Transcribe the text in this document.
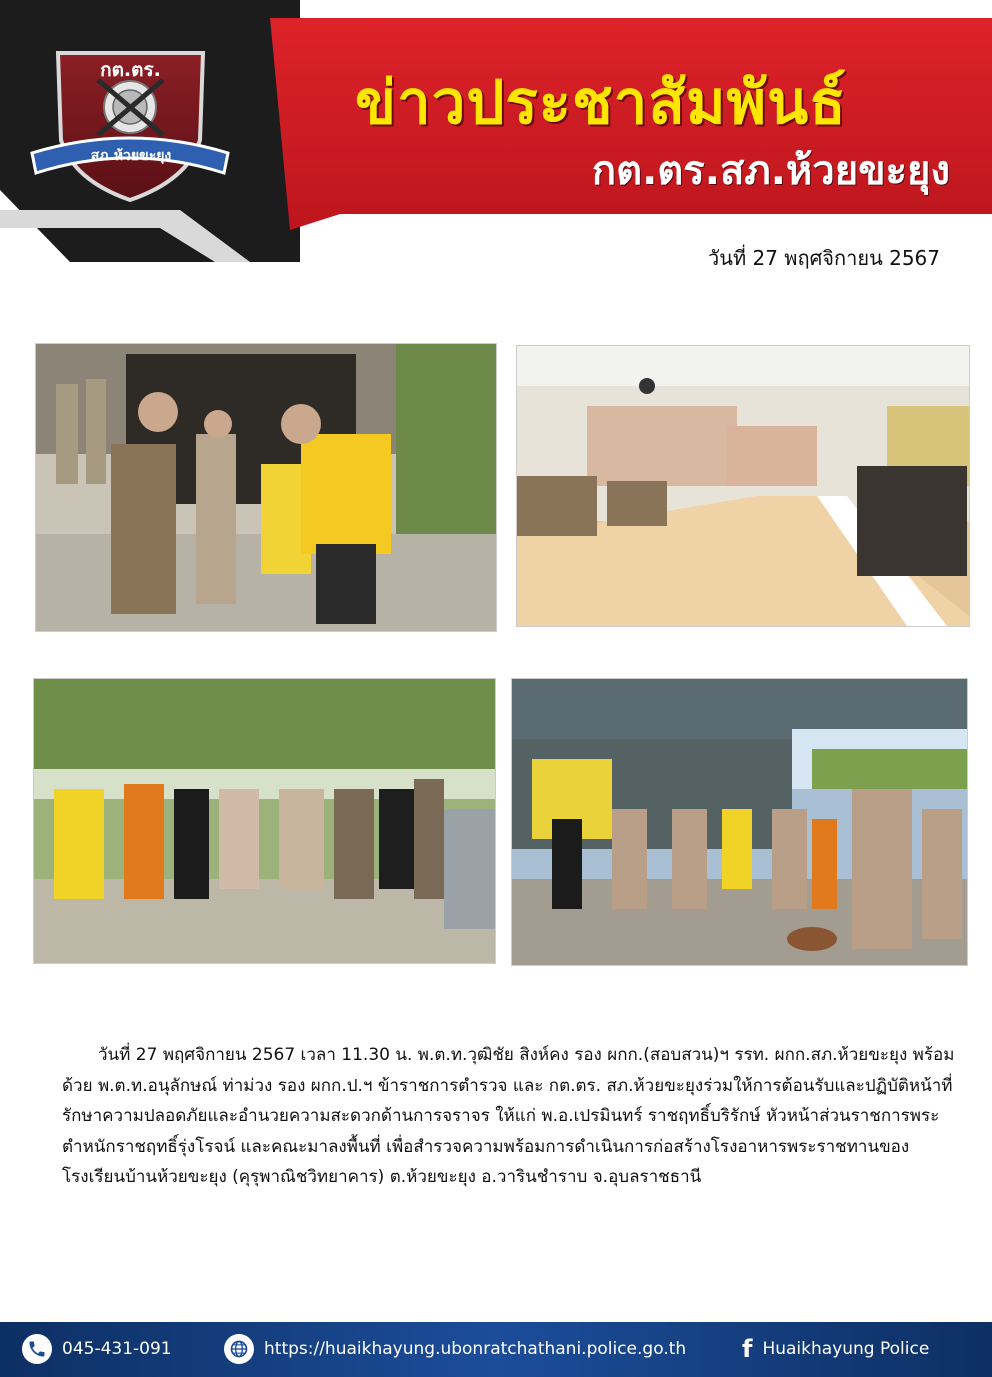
ข่าวประชาสัมพันธ์
กต.ตร.สภ.ห้วยขะยุง
กต.ตร.
สภ.ห้วยขะยุง
วันที่ 27 พฤศจิกายน 2567
วันที่ 27 พฤศจิกายน 2567 เวลา 11.30 น. พ.ต.ท.วุฒิชัย สิงห์คง รอง ผกก.(สอบสวน)ฯ รรท. ผกก.สภ.ห้วยขะยุง พร้อมด้วย พ.ต.ท.อนุลักษณ์ ท่าม่วง รอง ผกก.ป.ฯ ข้าราชการตำรวจ และ กต.ตร. สภ.ห้วยขะยุงร่วมให้การต้อนรับและปฏิบัติหน้าที่รักษาความปลอดภัยและอำนวยความสะดวกด้านการจราจร ให้แก่ พ.อ.เปรมินทร์ ราชฤทธิ์บริรักษ์ หัวหน้าส่วนราชการพระตำหนักราชฤทธิ์รุ่งโรจน์ และคณะมาลงพื้นที่ เพื่อสำรวจความพร้อมการดำเนินการก่อสร้างโรงอาหารพระราชทานของโรงเรียนบ้านห้วยขะยุง (คุรุพาณิชวิทยาคาร) ต.ห้วยขะยุง อ.วารินชำราบ จ.อุบลราชธานี
045-431-091	https://huaikhayung.ubonratchathani.police.go.th f Huaikhayung Police
